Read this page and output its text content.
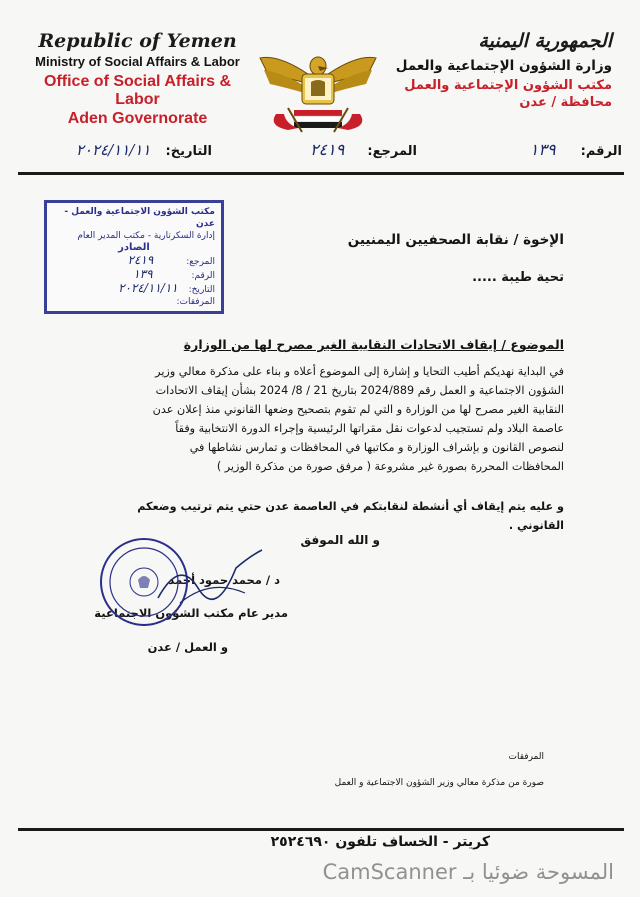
Republic of Yemen
Ministry of Social Affairs & Labor
Office of Social Affairs & Labor
Aden Governorate
الجمهورية اليمنية
وزارة الشؤون الإجتماعية والعمل
مكتب الشؤون الإجتماعية والعمل
محافظة / عدن
الرقم: ١٣٩
المرجع: ٢٤١٩
التاريخ: ٢٠٢٤/١١/١١
مكتب الشؤون الاجتماعية والعمل - عدن
إدارة السكرتارية - مكتب المدير العام
الصادر
المرجع: ٢٤١٩
الرقم: ١٣٩
التاريخ: ٢٠٢٤/١١/١١
المرفقات:
الإخوة / نقابة الصحفيين اليمنيين
تحية طيبة .....
الموضوع / إيقاف الاتحادات النقابية الغير مصرح لها من الوزارة
في البداية نهديكم أطيب التحايا و إشارة إلى الموضوع أعلاه و بناء على مذكرة معالي وزير
الشؤون الاجتماعية و العمل رقم 2024/889 بتاريخ 21 / 8/ 2024 بشأن إيقاف الاتحادات
النقابية الغير مصرح لها من الوزارة و التي لم تقوم بتصحيح وضعها القانوني منذ إعلان عدن
عاصمة البلاد ولم تستجيب لدعوات نقل مقراتها الرئيسية وإجراء الدورة الانتخابية وفقاً
لنصوص القانون و بإشراف الوزارة و مكاتبها في المحافظات و تمارس نشاطها في
المحافظات المحررة بصورة غير مشروعة ( مرفق صورة من مذكرة الوزير )
و عليه يتم إيقاف أي أنشطة لنقابتكم في العاصمة عدن حتي يتم ترتيب وضعكم القانوني .
و الله الموفق
د / محمد حمود أحمد
مدير عام مكتب الشؤون الاجتماعية
و العمل / عدن
المرفقات
صورة من مذكرة معالي وزير الشؤون الاجتماعية و العمل
كريتر - الخساف تلفون ٢٥٢٤٦٩٠
المسوحة ضوئيا بـ CamScanner
